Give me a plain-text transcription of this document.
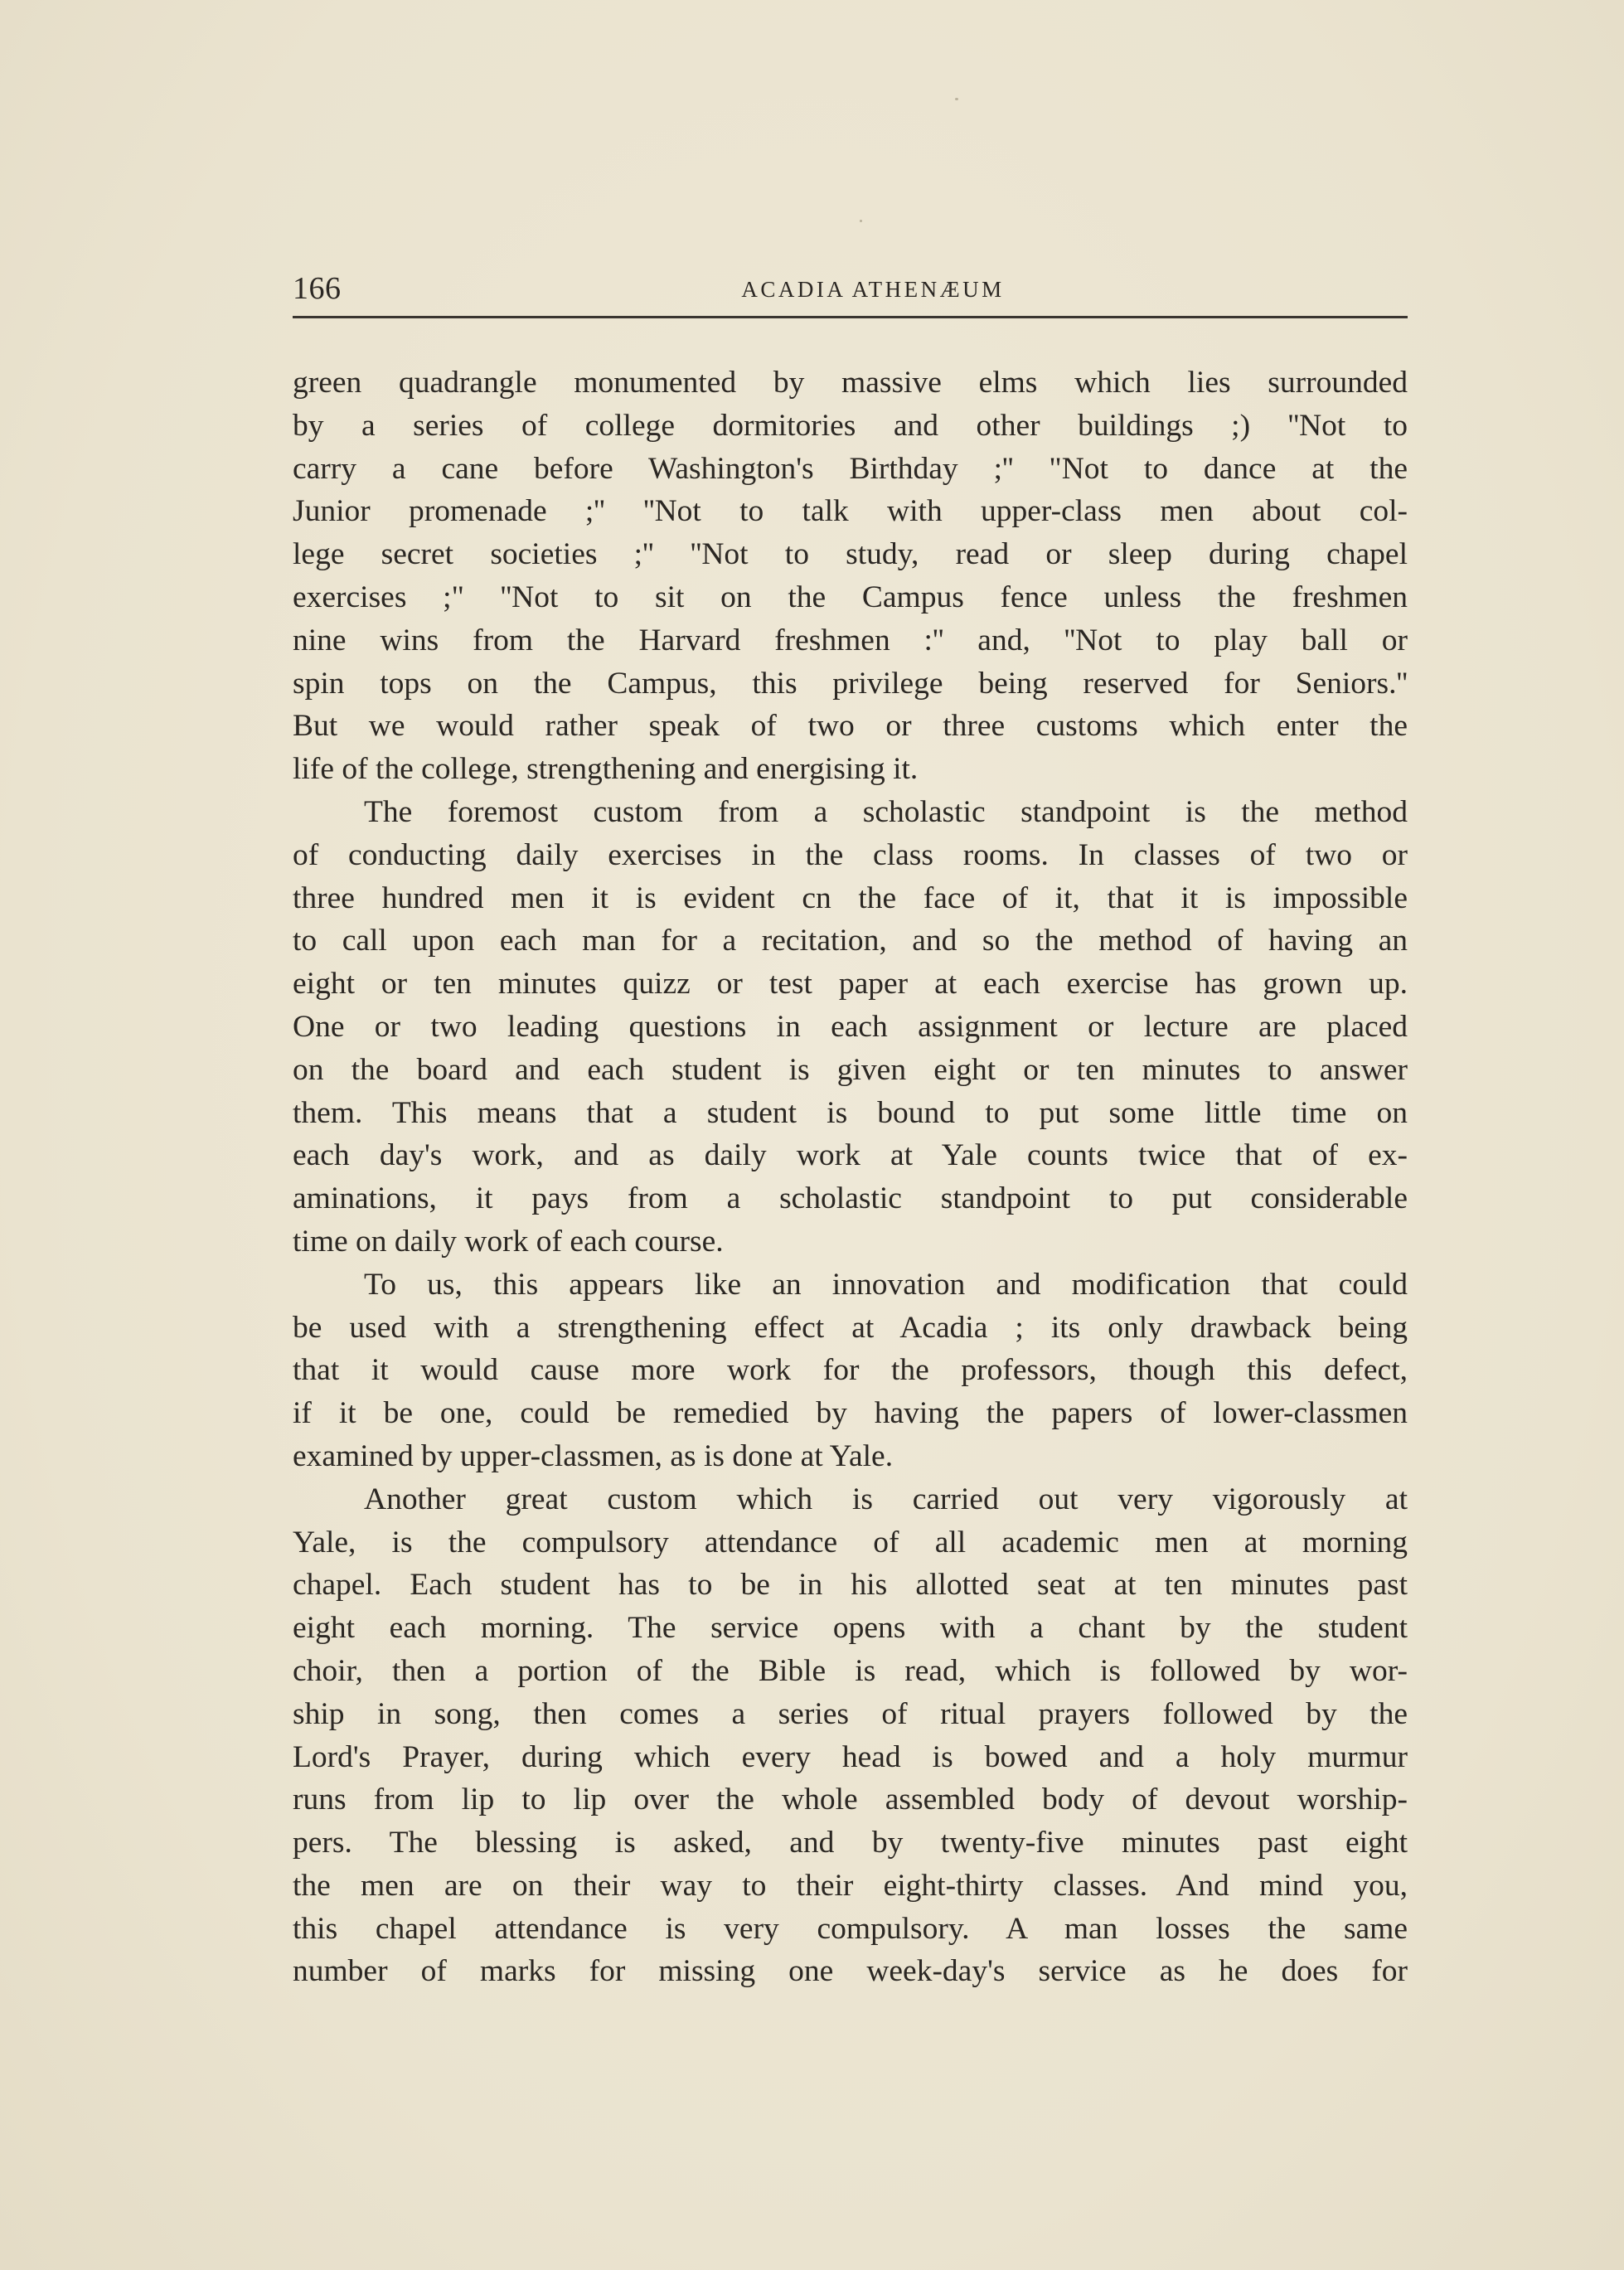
166	ACADIA ATHENÆUM
green quadrangle monumented by massive elms which lies surrounded
by a series of college dormitories and other buildings ;) ''Not to
carry a cane before Washington's Birthday ;'' "Not to dance at the
Junior promenade ;'' ''Not to talk with upper-class men about col-
lege secret societies ;'' ''Not to study, read or sleep during chapel
exercises ;" ''Not to sit on the Campus fence unless the freshmen
nine wins from the Harvard freshmen :'' and, ''Not to play ball or
spin tops on the Campus, this privilege being reserved for Seniors.''
But we would rather speak of two or three customs which enter the
life of the college, strengthening and energising it.
The foremost custom from a scholastic standpoint is the method
of conducting daily exercises in the class rooms. In classes of two or
three hundred men it is evident cn the face of it, that it is impossible
to call upon each man for a recitation, and so the method of having an
eight or ten minutes quizz or test paper at each exercise has grown up.
One or two leading questions in each assignment or lecture are placed
on the board and each student is given eight or ten minutes to answer
them. This means that a student is bound to put some little time on
each day's work, and as daily work at Yale counts twice that of ex-
aminations, it pays from a scholastic standpoint to put considerable
time on daily work of each course.
To us, this appears like an innovation and modification that could
be used with a strengthening effect at Acadia ; its only drawback being
that it would cause more work for the professors, though this defect,
if it be one, could be remedied by having the papers of lower-classmen
examined by upper-classmen, as is done at Yale.
Another great custom which is carried out very vigorously at
Yale, is the compulsory attendance of all academic men at morning
chapel. Each student has to be in his allotted seat at ten minutes past
eight each morning. The service opens with a chant by the student
choir, then a portion of the Bible is read, which is followed by wor-
ship in song, then comes a series of ritual prayers followed by the
Lord's Prayer, during which every head is bowed and a holy murmur
runs from lip to lip over the whole assembled body of devout worship-
pers. The blessing is asked, and by twenty-five minutes past eight
the men are on their way to their eight-thirty classes. And mind you,
this chapel attendance is very compulsory. A man losses the same
number of marks for missing one week-day's service as he does for
